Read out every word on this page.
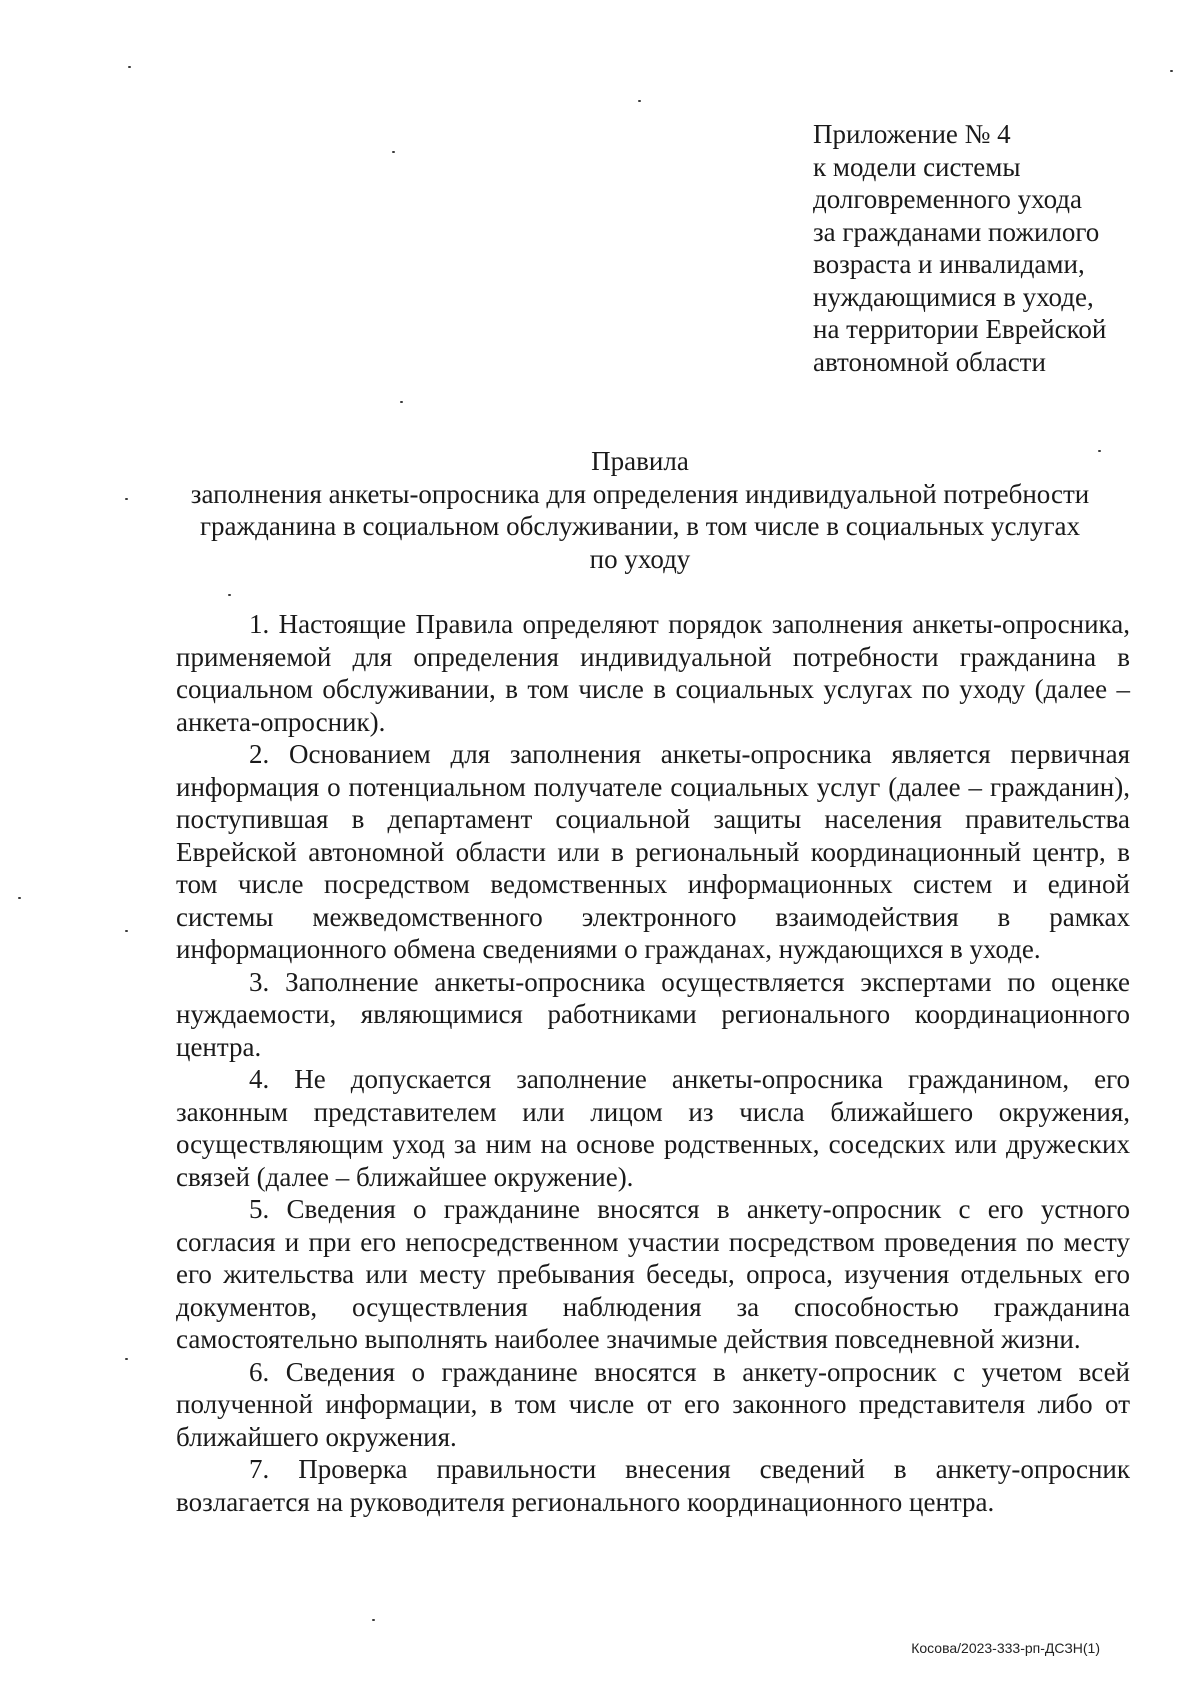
Приложение № 4
к модели системы
долговременного ухода
за гражданами пожилого
возраста и инвалидами,
нуждающимися в уходе,
на территории Еврейской
автономной области
Правила
заполнения анкеты-опросника для определения индивидуальной потребности
гражданина в социальном обслуживании, в том числе в социальных услугах
по уходу

1. Настоящие Правила определяют порядок заполнения анкеты-опросника, применяемой для определения индивидуальной потребности гражданина в социальном обслуживании, в том числе в социальных услугах по уходу (далее – анкета-опросник).

2. Основанием для заполнения анкеты-опросника является первичная информация о потенциальном получателе социальных услуг (далее – гражданин), поступившая в департамент социальной защиты населения правительства Еврейской автономной области или в региональный координационный центр, в том числе посредством ведомственных информационных систем и единой системы межведомственного электронного взаимодействия в рамках информационного обмена сведениями о гражданах, нуждающихся в уходе.

3. Заполнение анкеты-опросника осуществляется экспертами по оценке нуждаемости, являющимися работниками регионального координационного центра.

4. Не допускается заполнение анкеты-опросника гражданином, его законным представителем или лицом из числа ближайшего окружения, осуществляющим уход за ним на основе родственных, соседских или дружеских связей (далее – ближайшее окружение).

5. Сведения о гражданине вносятся в анкету-опросник с его устного согласия и при его непосредственном участии посредством проведения по месту его жительства или месту пребывания беседы, опроса, изучения отдельных его документов, осуществления наблюдения за способностью гражданина самостоятельно выполнять наиболее значимые действия повседневной жизни.

6. Сведения о гражданине вносятся в анкету-опросник с учетом всей полученной информации, в том числе от его законного представителя либо от ближайшего окружения.

7. Проверка правильности внесения сведений в анкету-опросник возлагается на руководителя регионального координационного центра.

Косова/2023-333-рп-ДСЗН(1)
